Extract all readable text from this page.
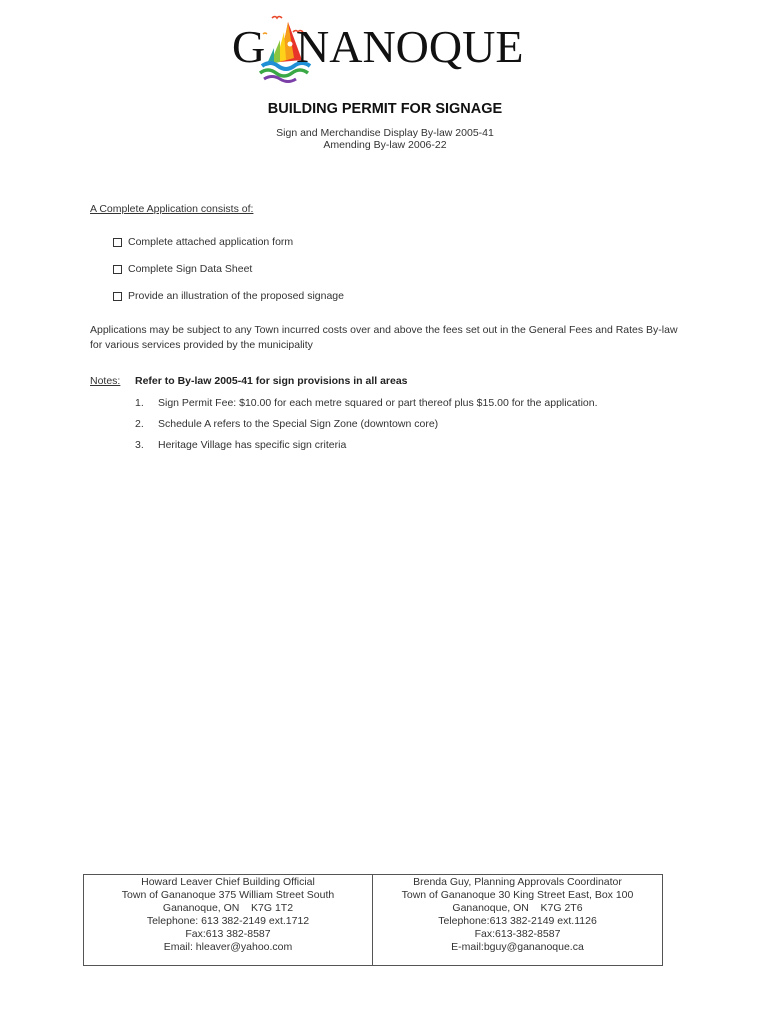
G NANOQUE
BUILDING PERMIT FOR SIGNAGE
Sign and Merchandise Display By-law 2005-41
Amending By-law 2006-22
A Complete Application consists of:
Complete attached application form
Complete Sign Data Sheet
Provide an illustration of the proposed signage
Applications may be subject to any Town incurred costs over and above the fees set out in the General Fees and Rates By-law for various services provided by the municipality
Notes: Refer to By-law 2005-41 for sign provisions in all areas
1. Sign Permit Fee: $10.00 for each metre squared or part thereof plus $15.00 for the application.
2. Schedule A refers to the Special Sign Zone (downtown core)
3. Heritage Village has specific sign criteria
Howard Leaver Chief Building Official
Town of Gananoque 375 William Street South
Gananoque, ON    K7G 1T2
Telephone: 613 382-2149 ext.1712
Fax:613 382-8587
Email: hleaver@yahoo.com
Brenda Guy, Planning Approvals Coordinator
Town of Gananoque 30 King Street East, Box 100
Gananoque, ON    K7G 2T6
Telephone:613 382-2149 ext.1126
Fax:613-382-8587
E-mail:bguy@gananoque.ca
